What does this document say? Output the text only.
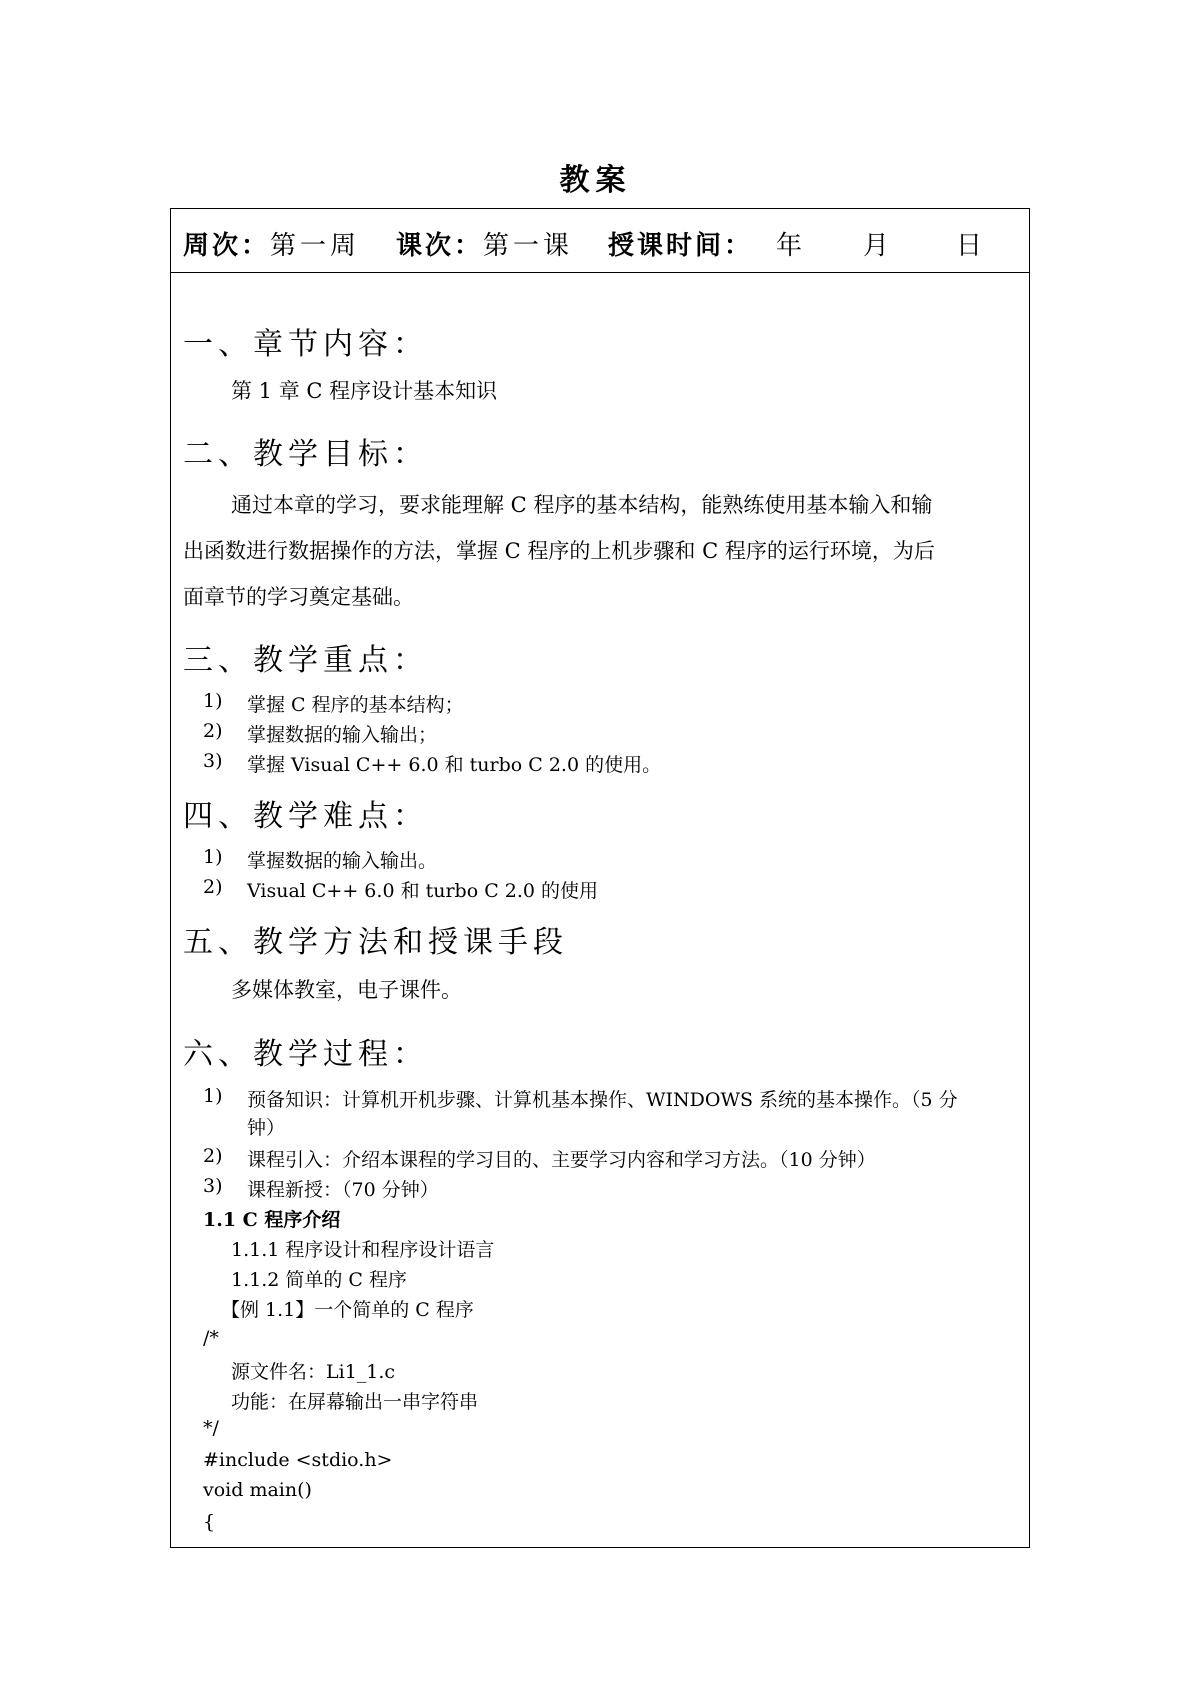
教案
周次：第一周 课次：第一课 授课时间： 年 月	日
一、章节内容：
第 1 章 C 程序设计基本知识
二、教学目标：
通过本章的学习，要求能理解 C 程序的基本结构，能熟练使用基本输入和输
出函数进行数据操作的方法，掌握 C 程序的上机步骤和 C 程序的运行环境，为后
面章节的学习奠定基础。
三、教学重点：
1) 掌握 C 程序的基本结构；
2) 掌握数据的输入输出；
3) 掌握 Visual C++ 6.0 和 turbo C 2.0 的使用。
四、教学难点：
1) 掌握数据的输入输出。
2) Visual C++ 6.0 和 turbo C 2.0 的使用
五、教学方法和授课手段
多媒体教室，电子课件。
六、教学过程：
1) 预备知识：计算机开机步骤、计算机基本操作、WINDOWS 系统的基本操作。（5 分
钟）
2) 课程引入：介绍本课程的学习目的、主要学习内容和学习方法。（10 分钟）
3) 课程新授：（70 分钟）
1.1 C 程序介绍
1.1.1 程序设计和程序设计语言
1.1.2 简单的 C 程序
【例 1.1】一个简单的 C 程序
/*
源文件名：Li1_1.c
功能：在屏幕输出一串字符串
*/
#include <stdio.h>
void main()
{
